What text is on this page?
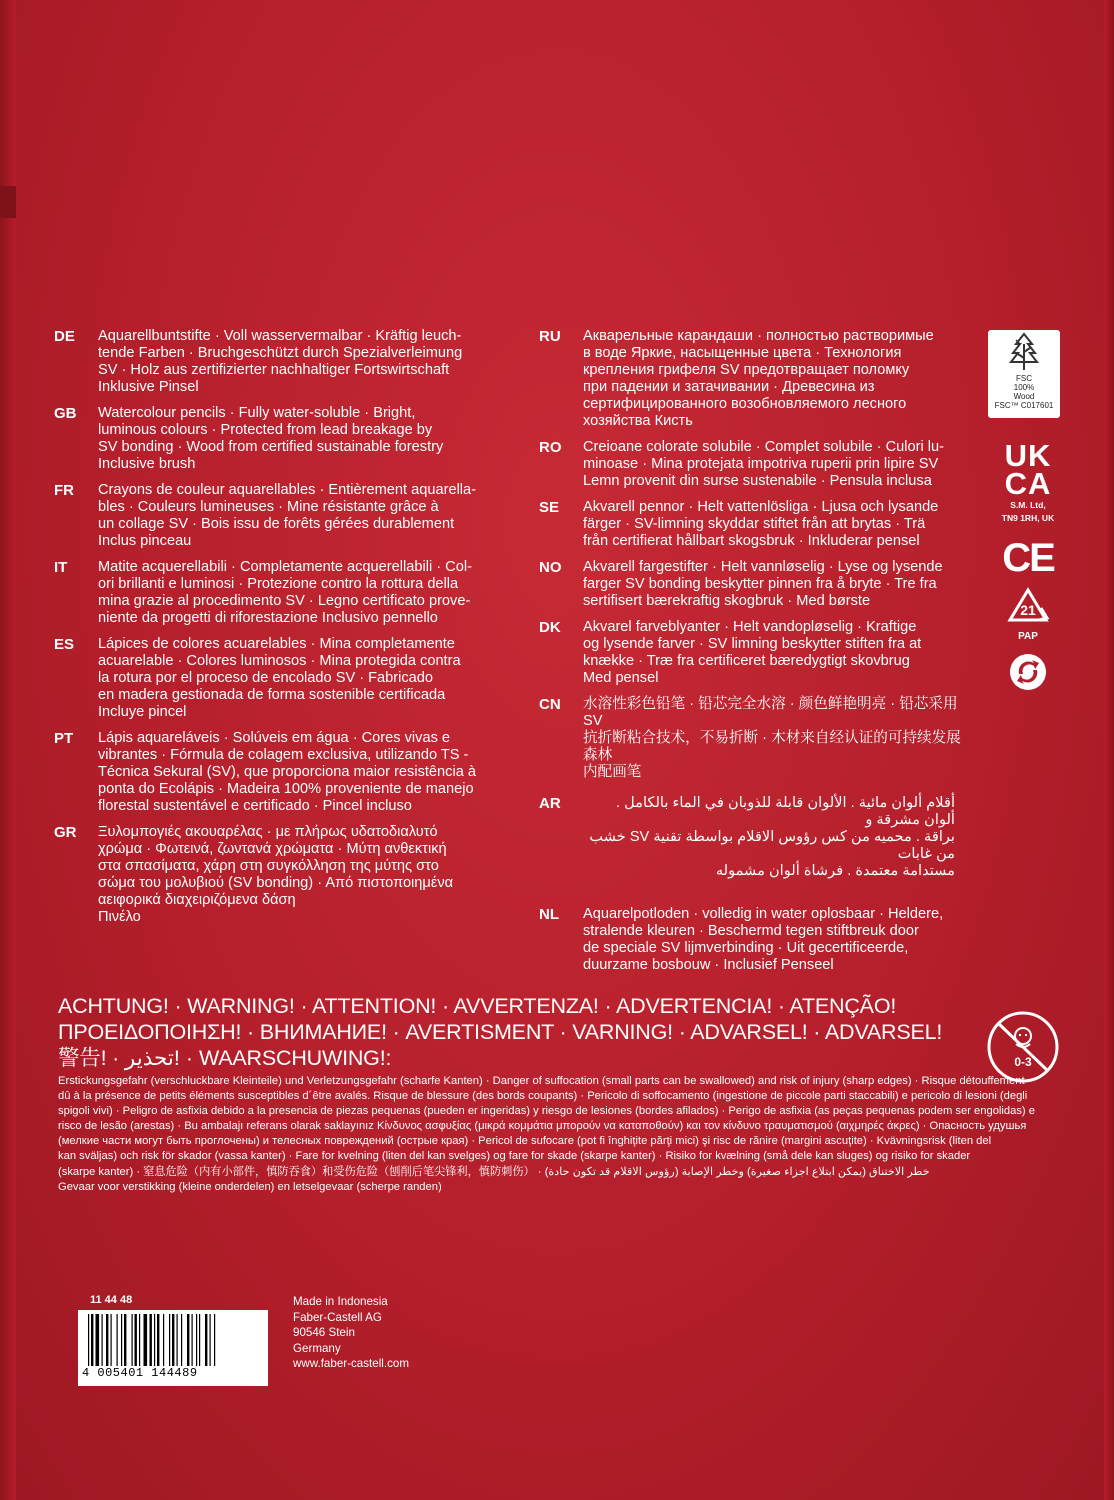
DE Aquarellbuntstifte · Voll wasservermalbar · Kräftig leuch-
tende Farben · Bruchgeschützt durch Spezialverleimung
SV · Holz aus zertifizierter nachhaltiger Fortswirtschaft
Inklusive Pinsel
GB Watercolour pencils · Fully water-soluble · Bright,
luminous colours · Protected from lead breakage by
SV bonding · Wood from certified sustainable forestry
Inclusive brush
FR Crayons de couleur aquarellables · Entièrement aquarella-
bles · Couleurs lumineuses · Mine résistante grâce à
un collage SV · Bois issu de forêts gérées durablement
Inclus pinceau
IT Matite acquerellabili · Completamente acquerellabili · Col-
ori brillanti e luminosi · Protezione contro la rottura della
mina grazie al procedimento SV · Legno certificato prove-
niente da progetti di riforestazione Inclusivo pennello
ES Lápices de colores acuarelables · Mina completamente
acuarelable · Colores luminosos · Mina protegida contra
la rotura por el proceso de encolado SV · Fabricado
en madera gestionada de forma sostenible certificada
Incluye pincel
PT Lápis aquareláveis · Solúveis em água · Cores vivas e
vibrantes · Fórmula de colagem exclusiva, utilizando TS -
Técnica Sekural (SV), que proporciona maior resistência à
ponta do Ecolápis · Madeira 100% proveniente de manejo
florestal sustentável e certificado · Pincel incluso
GR Ξυλομπογιές ακουαρέλας · με πλήρως υδατοδιαλυτό
χρώμα · Φωτεινά, ζωντανά χρώματα · Μύτη ανθεκτική
στα σπασίματα, χάρη στη συγκόλληση της μύτης στο
σώμα του μολυβιού (SV bonding) · Από πιστοποιημένα
αειφορικά διαχειριζόμενα δάση
Πινέλο
RU Акварельные карандаши · полностью растворимые
в воде Яркие, насыщенные цвета · Технология
крепления грифеля SV предотвращает поломку
при падении и затачивании · Древесина из
сертифицированного возобновляемого лесного
хозяйства Кисть
RO Creioane colorate solubile · Complet solubile · Culori lu-
minoase · Mina protejata impotriva ruperii prin lipire SV
Lemn provenit din surse sustenabile · Pensula inclusa
SE Akvarell pennor · Helt vattenlösliga · Ljusa och lysande
färger · SV-limning skyddar stiftet från att brytas · Trä
från certifierat hållbart skogsbruk · Inkluderar pensel
NO Akvarell fargestifter · Helt vannløselig · Lyse og lysende
farger SV bonding beskytter pinnen fra å bryte · Tre fra
sertifisert bærekraftig skogbruk · Med børste
DK Akvarel farveblyanter · Helt vandopløselig · Kraftige
og lysende farver · SV limning beskytter stiften fra at
knække · Træ fra certificeret bæredygtigt skovbrug
Med pensel
CN 水溶性彩色铅笔 · 铅芯完全水溶 · 颜色鲜艳明亮 · 铅芯采用 SV
抗折断粘合技术，不易折断 · 木材来自经认证的可持续发展森林
内配画笔
AR	أقلام ألوان مائية . الألوان قابلة للذوبان في الماء بالكامل . ألوان مشرقة و
براقة . محميه من كس رؤوس الاقلام بواسطة تقنية SV خشب من غابات
مستدامة معتمدة . فرشاة ألوان مشموله
NL Aquarelpotloden · volledig in water oplosbaar · Heldere,
stralende kleuren · Beschermd tegen stiftbreuk door
de speciale SV lijmverbinding · Uit gecertificeerde,
duurzame bosbouw · Inclusief Penseel
FSC
100%
Wood
FSC™ C017601
UK
CA
S.M. Ltd,
TN9 1RH, UK
CE
21
PAP
ACHTUNG! · WARNING! · ATTENTION! · AVVERTENZA! · ADVERTENCIA! · ATENÇÃO!
ΠΡΟΕΙΔΟΠΟΙΗΣΗ! · ВНИМАНИЕ! · AVERTISMENT · VARNING! · ADVARSEL! · ADVARSEL!
警告! · تحذير! · WAARSCHUWING!:	0-3
Erstickungsgefahr (verschluckbare Kleinteile) und Verletzungsgefahr (scharfe Kanten) · Danger of suffocation (small parts can be swallowed) and risk of injury (sharp edges) · Risque détouffement
dû à la présence de petits éléments susceptibles d´être avalés. Risque de blessure (des bords coupants) · Pericolo di soffocamento (ingestione de piccole parti staccabili) e pericolo di lesioni (degli
spigoli vivi) · Peligro de asfixia debido a la presencia de piezas pequenas (pueden er ingeridas) y riesgo de lesiones (bordes afilados) · Perigo de asfixia (as peças pequenas podem ser engolidas) e
risco de lesão (arestas) · Bu ambalajı referans olarak saklayınız Κίνδυνος ασφυξίας (μικρά κομμάτια μπορούν να καταποθούν) και τον κίνδυνο τραυματισμού (αιχμηρές άκρες) · Опасность удушья
(мелкие части могут быть проглочены) и телесных повреждений (острые края) · Pericol de sufocare (pot fi înghiţite părţi mici) şi risc de rănire (margini ascuţite) · Kvävningsrisk (liten del
kan sväljas) och risk för skador (vassa kanter) · Fare for kvelning (liten del kan svelges) og fare for skade (skarpe kanter) · Risiko for kvælning (små dele kan sluges) og risiko for skader
(skarpe kanter) · 窒息危险（内有小部件，慎防吞食）和受伤危险（刨削后笔尖锋利，慎防刺伤） · خطر الاختناق (يمكن ابتلاع اجزاء صغيرة) وخطر الإصابة (رؤوس الاقلام قد تكون حادة)
Gevaar voor verstikking (kleine onderdelen) en letselgevaar (scherpe randen)
11 44 48
4 005401 144489
Made in Indonesia
Faber-Castell AG
90546 Stein
Germany
www.faber-castell.com
